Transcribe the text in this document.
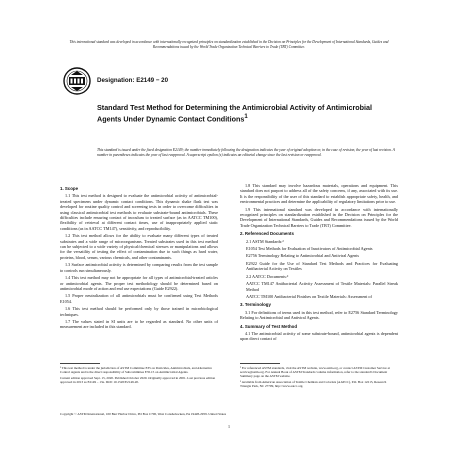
This international standard was developed in accordance with internationally recognized principles on standardization established in the Decision on Principles for the Development of International Standards, Guides and Recommendations issued by the World Trade Organization Technical Barriers to Trade (TBT) Committee.
Designation: E2149 − 20
Standard Test Method for Determining the Antimicrobial Activity of Antimicrobial Agents Under Dynamic Contact Conditions$^1$
This standard is issued under the fixed designation E2149; the number immediately following the designation indicates the year of original adoption or, in the case of revision, the year of last revision. A number in parentheses indicates the year of last reapproval. A superscript epsilon (ε) indicates an editorial change since the last revision or reapproval.
1. Scope

1.1 This test method is designed to evaluate the antimicrobial activity of antimicrobial-treated specimens under dynamic contact conditions. This dynamic shake flask test was developed for routine quality control and screening tests in order to overcome difficulties in using classical antimicrobial test methods to evaluate substrate-bound antimicrobials. These difficulties include ensuring contact of inoculum to treated surface (as in AATCC TM100), flexibility of retrieval at different contact times, use of inappropriately applied static conditions (as in AATCC TM147), sensitivity, and reproducibility.

1.2 This test method allows for the ability to evaluate many different types of treated substrates and a wide range of microorganisms. Treated substrates used in this test method can be subjected to a wide variety of physical/chemical stresses or manipulations and allows for the versatility of testing the effect of contamination due to such things as hard water, proteins, blood, serum, various chemicals, and other contaminants.

1.3 Surface antimicrobial activity is determined by comparing results from the test sample to controls run simultaneously.

1.4 This test method may not be appropriate for all types of antimicrobial-treated articles or antimicrobial agents. The proper test methodology should be determined based on antimicrobial mode of action and end use expectations (Guide E2922).

1.5 Proper neutralization of all antimicrobials must be confirmed using Test Methods E1054.

1.6 This test method should be performed only by those trained in microbiological techniques.

1.7 The values stated in SI units are to be regarded as standard. No other units of measurement are included in this standard.

1.8 This standard may involve hazardous materials, operations and equipment. This standard does not purport to address all of the safety concerns, if any, associated with its use. It is the responsibility of the user of this standard to establish appropriate safety, health, and environmental practices and determine the applicability of regulatory limitations prior to use.

1.9 This international standard was developed in accordance with internationally recognized principles on standardization established in the Decision on Principles for the Development of International Standards, Guides and Recommendations issued by the World Trade Organization Technical Barriers to Trade (TBT) Committee.

2. Referenced Documents

2.1 ASTM Standards:²

E1054 Test Methods for Evaluation of Inactivators of Antimicrobial Agents

E2756 Terminology Relating to Antimicrobial and Antiviral Agents

E2922 Guide for the Use of Standard Test Methods and Practices for Evaluating Antibacterial Activity on Textiles

2.2 AATCC Documents:³

AATCC TM147 Antibacterial Activity Assessment of Textile Materials: Parallel Streak Method

AATCC TM100 Antibacterial Finishes on Textile Materials: Assessment of

3. Terminology

3.1 For definitions of terms used in this test method, refer to E2756 Standard Terminology Relating to Antimicrobial and Antiviral Agents.

4. Summary of Test Method

4.1 The antimicrobial activity of some substrate-bound, antimicrobial agents is dependent upon direct contact of

¹ This test method is under the jurisdiction of ASTM Committee E35 on Pesticides, Antimicrobials, and Alternative Control Agents and is the direct responsibility of Subcommittee E35.15 on Antimicrobial Agents.

Current edition approved Sept. 15, 2020. Published October 2020. Originally approved in 2001. Last previous edition approved in 2013 as E2149 – 13a. DOI: 10.1520/E2149-20.

² For referenced ASTM standards, visit the ASTM website, www.astm.org, or contact ASTM Customer Service at service@astm.org. For Annual Book of ASTM Standards volume information, refer to the standard's Document Summary page on the ASTM website.

³ Available from American Association of Textile Chemists and Colorists (AATCC), P.O. Box 12215, Research Triangle Park, NC 27709, http://www.aatcc.org.

Copyright © ASTM International, 100 Barr Harbor Drive, PO Box C700, West Conshohocken, PA 19428-2959. United States
1
